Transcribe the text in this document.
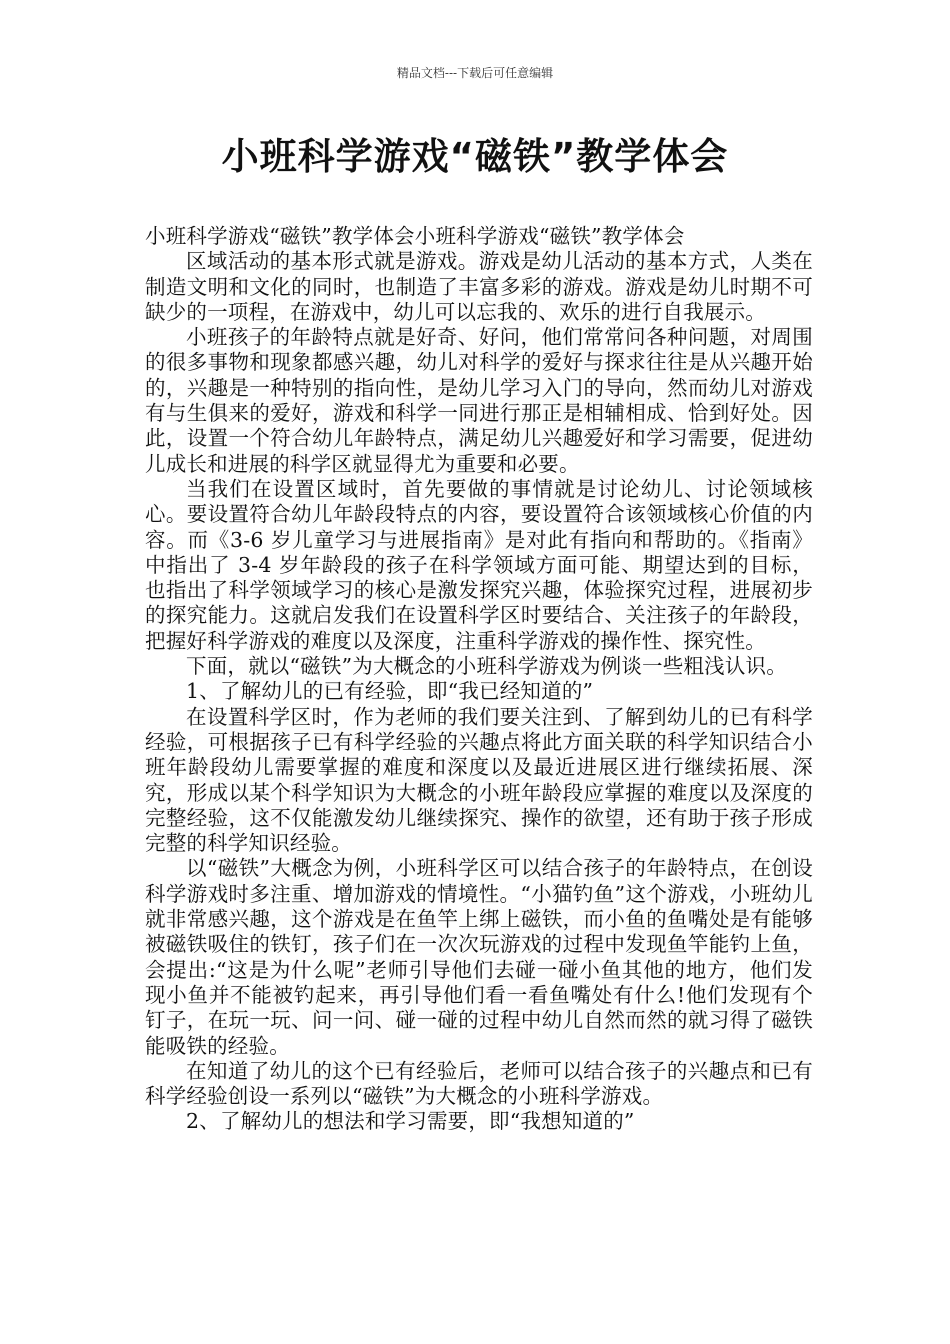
精品文档---下载后可任意编辑
小班科学游戏“磁铁”教学体会

小班科学游戏“磁铁”教学体会小班科学游戏“磁铁”教学体会

区域活动的基本形式就是游戏。游戏是幼儿活动的基本方式，人类在制造文明和文化的同时，也制造了丰富多彩的游戏。游戏是幼儿时期不可缺少的一项程，在游戏中，幼儿可以忘我的、欢乐的进行自我展示。

小班孩子的年龄特点就是好奇、好问，他们常常问各种问题，对周围的很多事物和现象都感兴趣，幼儿对科学的爱好与探求往往是从兴趣开始的，兴趣是一种特别的指向性，是幼儿学习入门的导向，然而幼儿对游戏有与生俱来的爱好，游戏和科学一同进行那正是相辅相成、恰到好处。因此，设置一个符合幼儿年龄特点，满足幼儿兴趣爱好和学习需要，促进幼儿成长和进展的科学区就显得尤为重要和必要。

当我们在设置区域时，首先要做的事情就是讨论幼儿、讨论领域核心。要设置符合幼儿年龄段特点的内容，要设置符合该领域核心价值的内容。而《3-6 岁儿童学习与进展指南》是对此有指向和帮助的。《指南》中指出了 3-4 岁年龄段的孩子在科学领域方面可能、期望达到的目标，也指出了科学领域学习的核心是激发探究兴趣，体验探究过程，进展初步的探究能力。这就启发我们在设置科学区时要结合、关注孩子的年龄段，把握好科学游戏的难度以及深度，注重科学游戏的操作性、探究性。

下面，就以“磁铁”为大概念的小班科学游戏为例谈一些粗浅认识。

1、了解幼儿的已有经验，即“我已经知道的”

在设置科学区时，作为老师的我们要关注到、了解到幼儿的已有科学经验，可根据孩子已有科学经验的兴趣点将此方面关联的科学知识结合小班年龄段幼儿需要掌握的难度和深度以及最近进展区进行继续拓展、深究，形成以某个科学知识为大概念的小班年龄段应掌握的难度以及深度的完整经验，这不仅能激发幼儿继续探究、操作的欲望，还有助于孩子形成完整的科学知识经验。

以“磁铁”大概念为例，小班科学区可以结合孩子的年龄特点，在创设科学游戏时多注重、增加游戏的情境性。“小猫钓鱼”这个游戏，小班幼儿就非常感兴趣，这个游戏是在鱼竿上绑上磁铁，而小鱼的鱼嘴处是有能够被磁铁吸住的铁钉，孩子们在一次次玩游戏的过程中发现鱼竿能钓上鱼，会提出:“这是为什么呢”老师引导他们去碰一碰小鱼其他的地方，他们发现小鱼并不能被钓起来，再引导他们看一看鱼嘴处有什么!他们发现有个钉子，在玩一玩、问一问、碰一碰的过程中幼儿自然而然的就习得了磁铁能吸铁的经验。

在知道了幼儿的这个已有经验后，老师可以结合孩子的兴趣点和已有科学经验创设一系列以“磁铁”为大概念的小班科学游戏。

2、了解幼儿的想法和学习需要，即“我想知道的”
